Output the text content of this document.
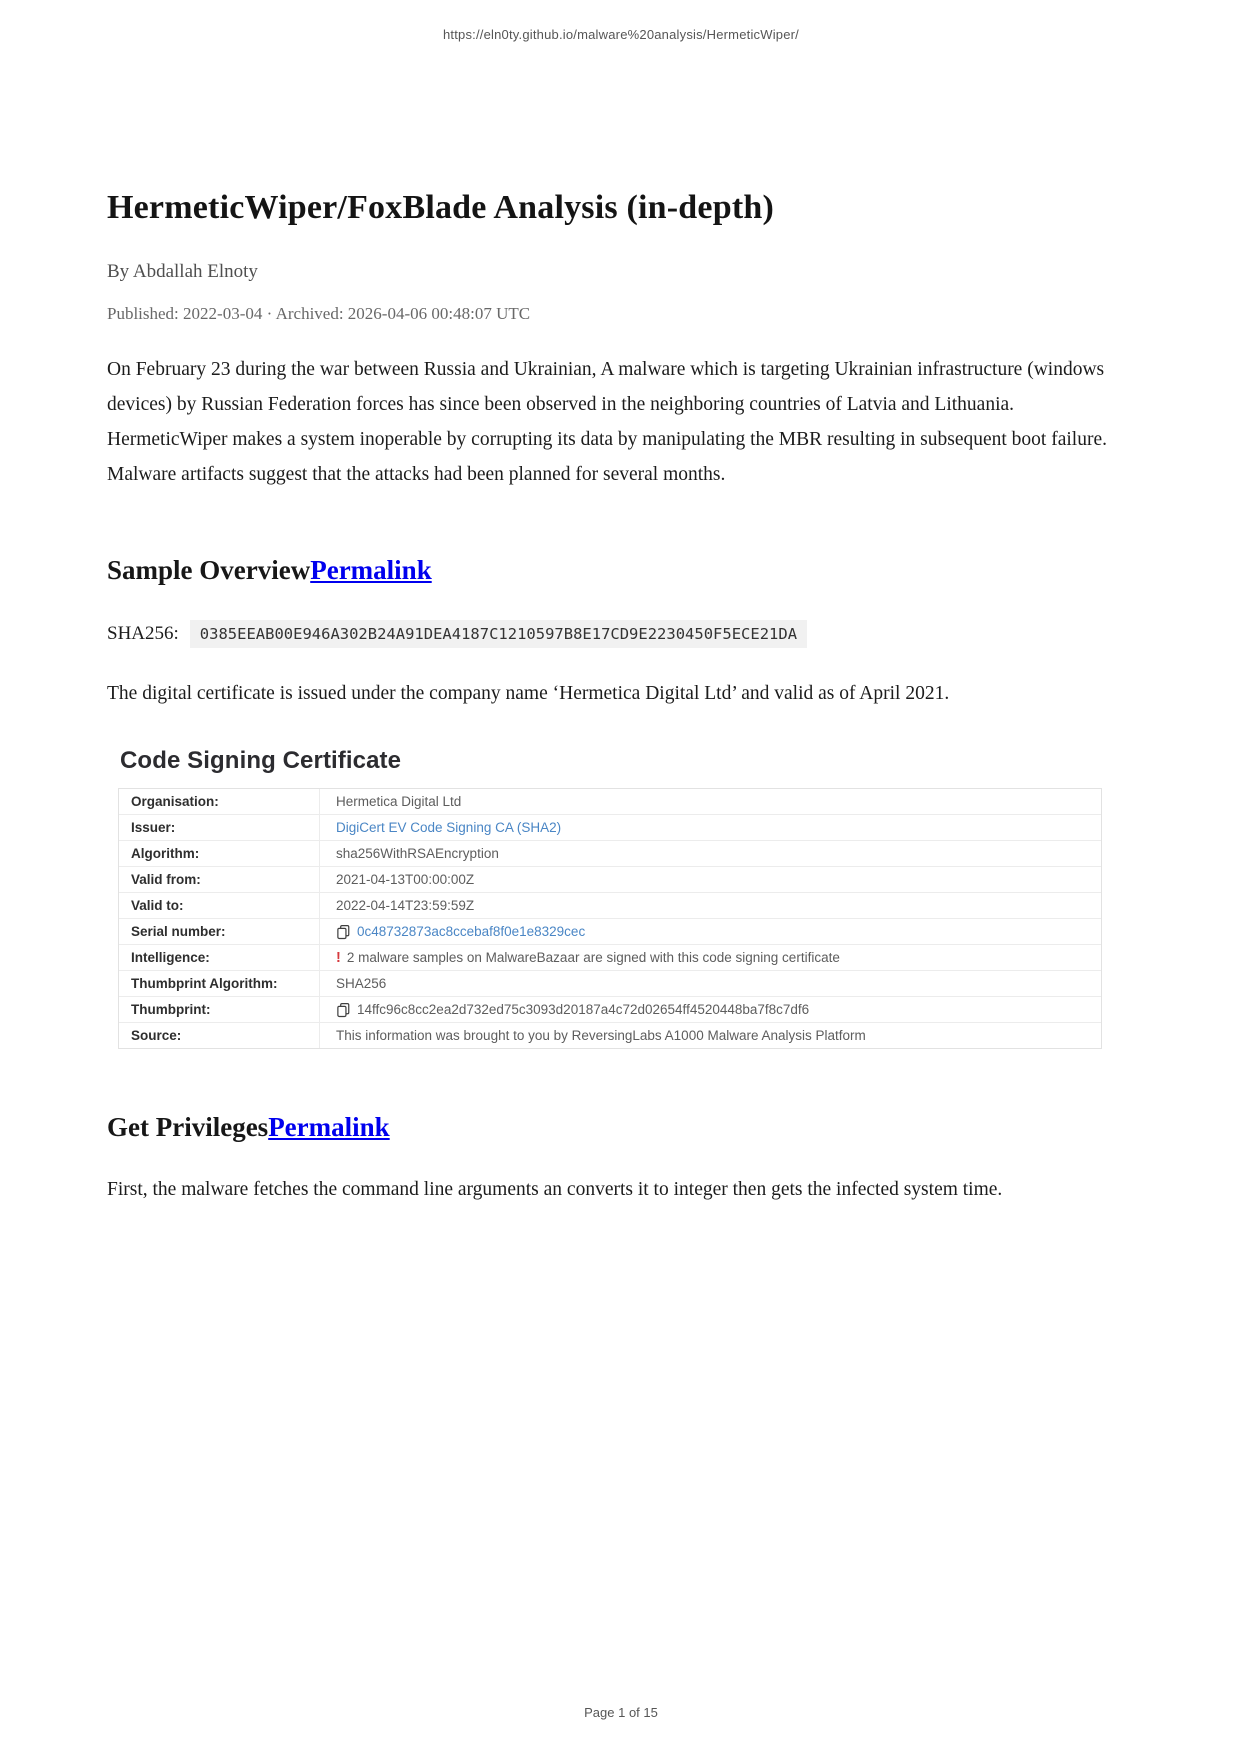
https://eln0ty.github.io/malware%20analysis/HermeticWiper/
HermeticWiper/FoxBlade Analysis (in-depth)

By Abdallah Elnoty

Published: 2022-03-04 · Archived: 2026-04-06 00:48:07 UTC

On February 23 during the war between Russia and Ukrainian, A malware which is targeting Ukrainian infrastructure (windows devices) by Russian Federation forces has since been observed in the neighboring countries of Latvia and Lithuania. HermeticWiper makes a system inoperable by corrupting its data by manipulating the MBR resulting in subsequent boot failure. Malware artifacts suggest that the attacks had been planned for several months.

Sample OverviewPermalink

SHA256:	0385EEAB00E946A302B24A91DEA4187C1210597B8E17CD9E2230450F5ECE21DA

The digital certificate is issued under the company name ‘Hermetica Digital Ltd’ and valid as of April 2021.

Code Signing Certificate
Organisation:	Hermetica Digital Ltd
Issuer:	DigiCert EV Code Signing CA (SHA2)
Algorithm:	sha256WithRSAEncryption
Valid from:	2021-04-13T00:00:00Z
Valid to:	2022-04-14T23:59:59Z
Serial number:	0c48732873ac8ccebaf8f0e1e8329cec
Intelligence:	! 2 malware samples on MalwareBazaar are signed with this code signing certificate
Thumbprint Algorithm:	SHA256
Thumbprint:	14ffc96c8cc2ea2d732ed75c3093d20187a4c72d02654ff4520448ba7f8c7df6
Source:	This information was brought to you by ReversingLabs A1000 Malware Analysis Platform
Get PrivilegesPermalink

First, the malware fetches the command line arguments an converts it to integer then gets the infected system time.

Page 1 of 15
